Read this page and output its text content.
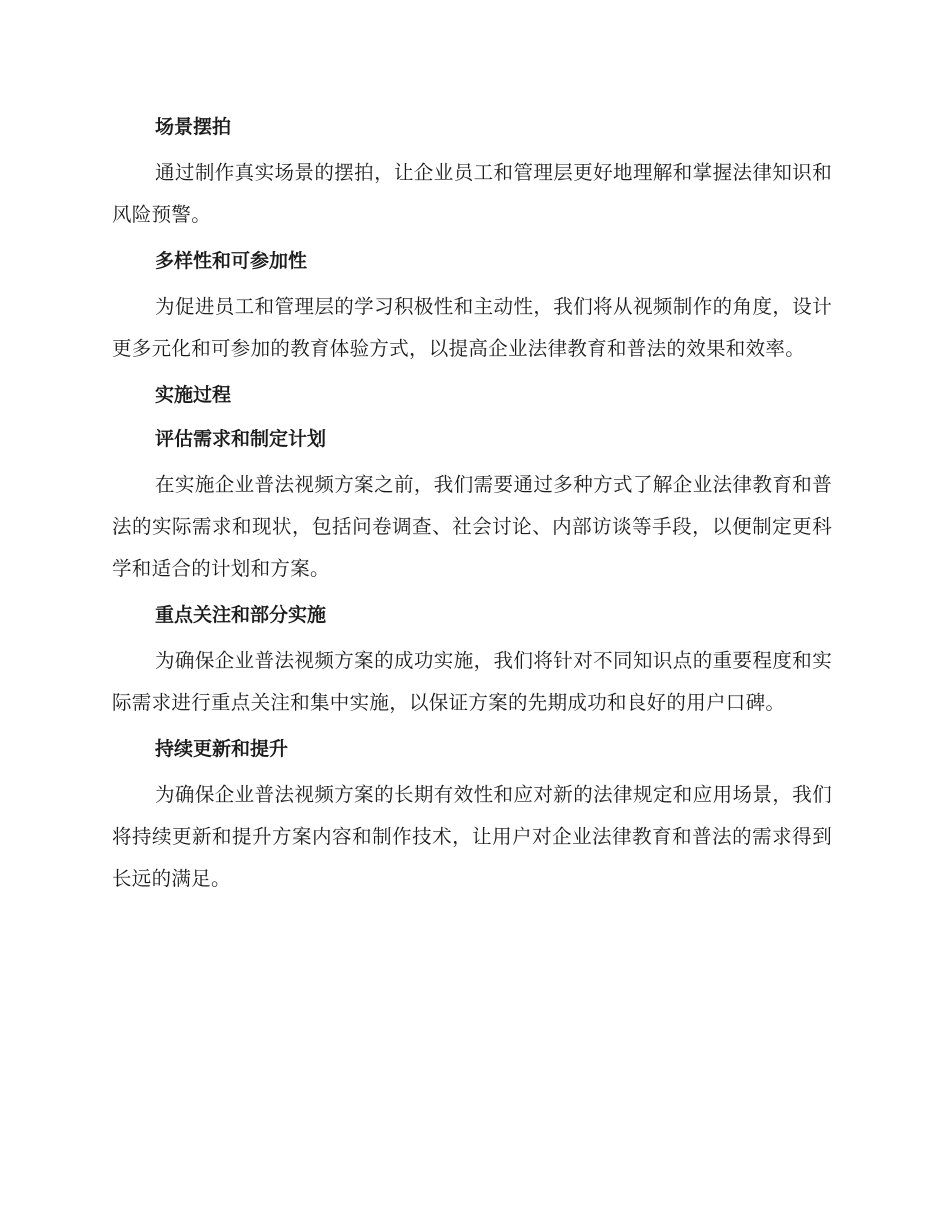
场景摆拍

通过制作真实场景的摆拍，让企业员工和管理层更好地理解和掌握法律知识和风险预警。

多样性和可参加性

为促进员工和管理层的学习积极性和主动性，我们将从视频制作的角度，设计更多元化和可参加的教育体验方式，以提高企业法律教育和普法的效果和效率。

实施过程
评估需求和制定计划

在实施企业普法视频方案之前，我们需要通过多种方式了解企业法律教育和普法的实际需求和现状，包括问卷调查、社会讨论、内部访谈等手段，以便制定更科学和适合的计划和方案。

重点关注和部分实施

为确保企业普法视频方案的成功实施，我们将针对不同知识点的重要程度和实际需求进行重点关注和集中实施，以保证方案的先期成功和良好的用户口碑。

持续更新和提升

为确保企业普法视频方案的长期有效性和应对新的法律规定和应用场景，我们将持续更新和提升方案内容和制作技术，让用户对企业法律教育和普法的需求得到长远的满足。
